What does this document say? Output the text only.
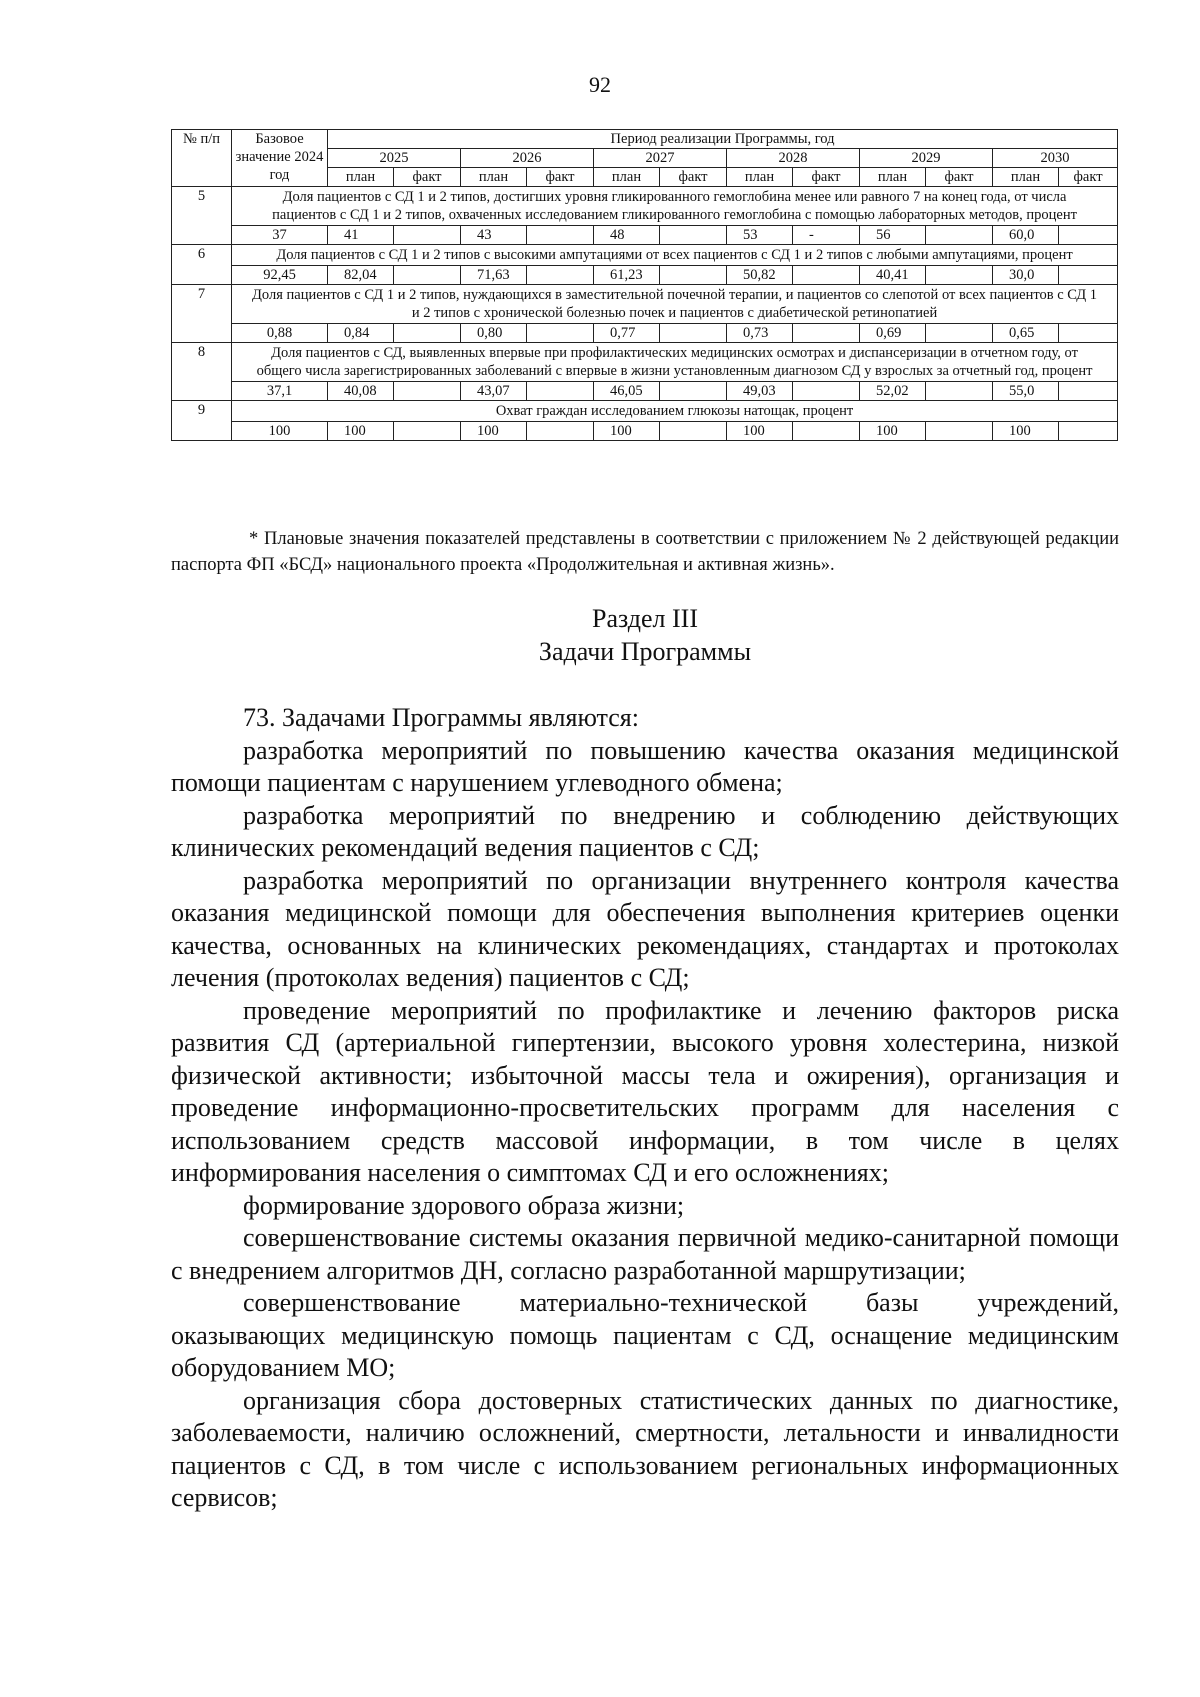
92
№ п/п	Базовое значение 2024 год	Период реализации Программы, год											
		2025		2026		2027		2028		2029		2030	
		план	факт	план	факт	план	факт	план	факт	план	факт	план	факт
5	Доля пациентов с СД 1 и 2 типов, достигших уровня гликированного гемоглобина менее или равного 7 на конец года, от числа пациентов с СД 1 и 2 типов, охваченных исследованием гликированного гемоглобина с помощью лабораторных методов, процент												
	37	41		43		48		53	-	56		60,0	
6	Доля пациентов с СД 1 и 2 типов с высокими ампутациями от всех пациентов с СД 1 и 2 типов с любыми ампутациями, процент												
	92,45	82,04		71,63		61,23		50,82		40,41		30,0	
7	Доля пациентов с СД 1 и 2 типов, нуждающихся в заместительной почечной терапии, и пациентов со слепотой от всех пациентов с СД 1 и 2 типов с хронической болезнью почек и пациентов с диабетической ретинопатией												
	0,88	0,84		0,80		0,77		0,73		0,69		0,65	
8	Доля пациентов с СД, выявленных впервые при профилактических медицинских осмотрах и диспансеризации в отчетном году, от общего числа зарегистрированных заболеваний с впервые в жизни установленным диагнозом СД у взрослых за отчетный год, процент												
	37,1	40,08		43,07		46,05		49,03		52,02		55,0	
9	Охват граждан исследованием глюкозы натощак, процент												
	100	100		100		100		100		100		100	
* Плановые значения показателей представлены в соответствии с приложением № 2 действующей редакции паспорта ФП «БСД» национального проекта «Продолжительная и активная жизнь».
Раздел III
Задачи Программы

73. Задачами Программы являются:

разработка мероприятий по повышению качества оказания медицинской помощи пациентам с нарушением углеводного обмена;

разработка мероприятий по внедрению и соблюдению действующих клинических рекомендаций ведения пациентов с СД;

разработка мероприятий по организации внутреннего контроля качества оказания медицинской помощи для обеспечения выполнения критериев оценки качества, основанных на клинических рекомендациях, стандартах и протоколах лечения (протоколах ведения) пациентов с СД;

проведение мероприятий по профилактике и лечению факторов риска развития СД (артериальной гипертензии, высокого уровня холестерина, низкой физической активности; избыточной массы тела и ожирения), организация и проведение информационно-просветительских программ для населения с использованием средств массовой информации, в том числе в целях информирования населения о симптомах СД и его осложнениях;

формирование здорового образа жизни;

совершенствование системы оказания первичной медико-санитарной помощи с внедрением алгоритмов ДН, согласно разработанной маршрутизации;

совершенствование материально-технической базы учреждений, оказывающих медицинскую помощь пациентам с СД, оснащение медицинским оборудованием МО;

организация сбора достоверных статистических данных по диагностике, заболеваемости, наличию осложнений, смертности, летальности и инвалидности пациентов с СД, в том числе с использованием региональных информационных сервисов;
